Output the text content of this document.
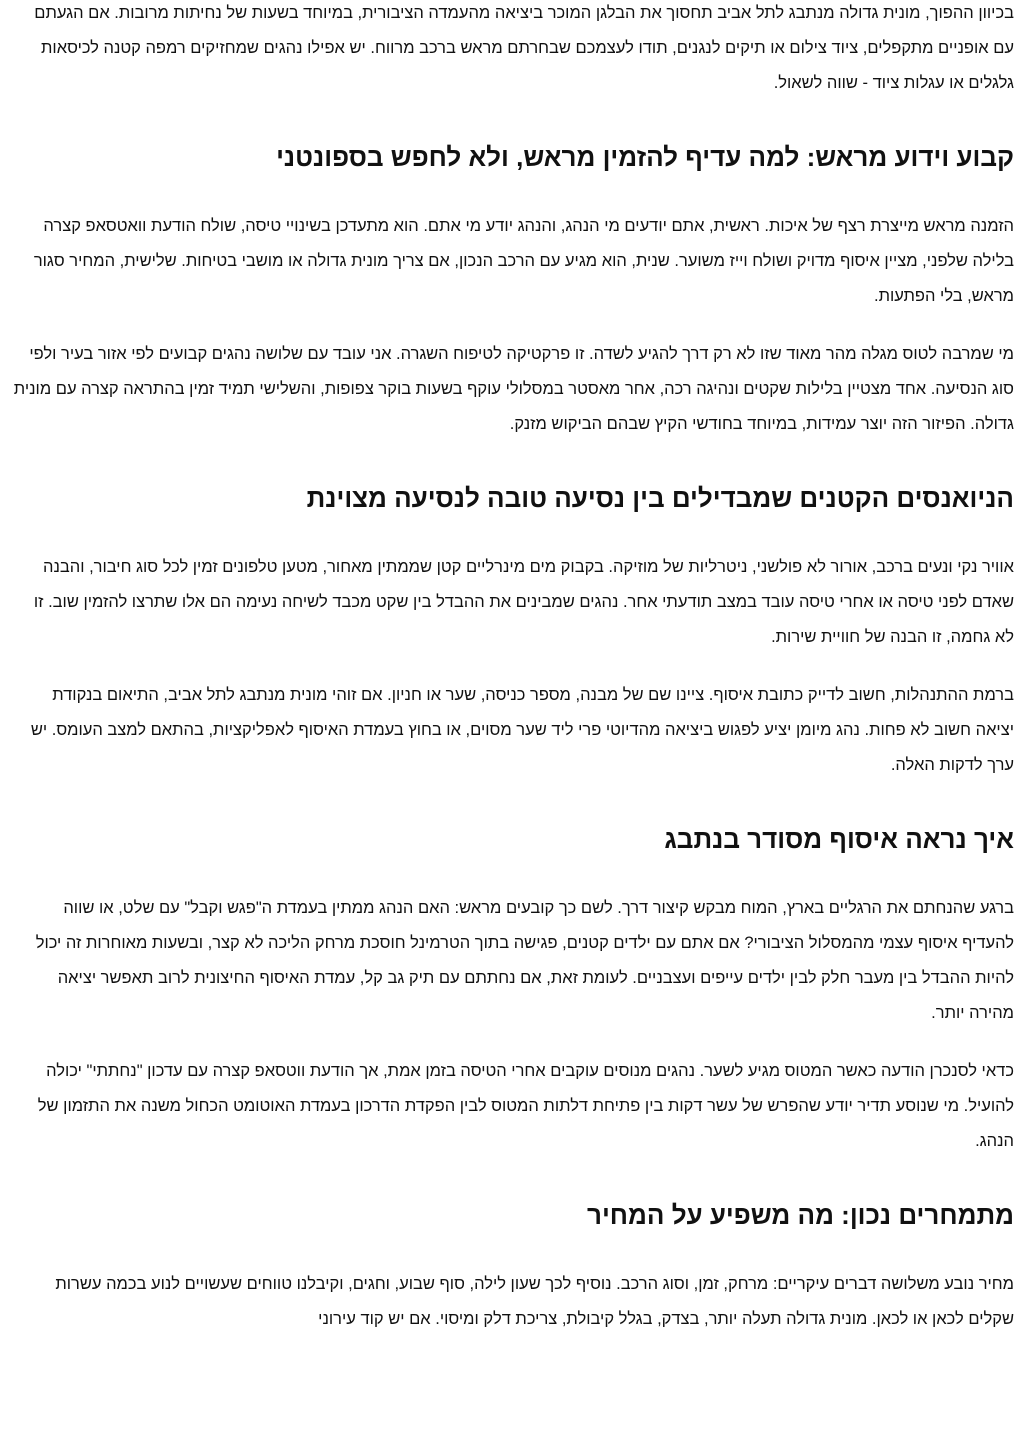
בכיוון ההפוך, מונית גדולה מנתבג לתל אביב תחסוך את הבלגן המוכר ביציאה מהעמדה הציבורית, במיוחד בשעות של נחיתות מרובות. אם הגעתם עם אופניים מתקפלים, ציוד צילום או תיקים לנגנים, תודו לעצמכם שבחרתם מראש ברכב מרווח. יש אפילו נהגים שמחזיקים רמפה קטנה לכיסאות גלגלים או עגלות ציוד - שווה לשאול.

קבוע וידוע מראש: למה עדיף להזמין מראש, ולא לחפש בספונטני

הזמנה מראש מייצרת רצף של איכות. ראשית, אתם יודעים מי הנהג, והנהג יודע מי אתם. הוא מתעדכן בשינויי טיסה, שולח הודעת וואטסאפ קצרה בלילה שלפני, מציין איסוף מדויק ושולח וייז משוער. שנית, הוא מגיע עם הרכב הנכון, אם צריך מונית גדולה או מושבי בטיחות. שלישית, המחיר סגור מראש, בלי הפתעות.

מי שמרבה לטוס מגלה מהר מאוד שזו לא רק דרך להגיע לשדה. זו פרקטיקה לטיפוח השגרה. אני עובד עם שלושה נהגים קבועים לפי אזור בעיר ולפי סוג הנסיעה. אחד מצטיין בלילות שקטים ונהיגה רכה, אחר מאסטר במסלולי עוקף בשעות בוקר צפופות, והשלישי תמיד זמין בהתראה קצרה עם מונית גדולה. הפיזור הזה יוצר עמידות, במיוחד בחודשי הקיץ שבהם הביקוש מזנק.

הניואנסים הקטנים שמבדילים בין נסיעה טובה לנסיעה מצוינת

אוויר נקי ונעים ברכב, אורור לא פולשני, ניטרליות של מוזיקה. בקבוק מים מינרליים קטן שממתין מאחור, מטען טלפונים זמין לכל סוג חיבור, והבנה שאדם לפני טיסה או אחרי טיסה עובד במצב תודעתי אחר. נהגים שמבינים את ההבדל בין שקט מכבד לשיחה נעימה הם אלו שתרצו להזמין שוב. זו לא גחמה, זו הבנה של חוויית שירות.

ברמת ההתנהלות, חשוב לדייק כתובת איסוף. ציינו שם של מבנה, מספר כניסה, שער או חניון. אם זוהי מונית מנתבג לתל אביב, התיאום בנקודת יציאה חשוב לא פחות. נהג מיומן יציע לפגוש ביציאה מהדיוטי פרי ליד שער מסוים, או בחוץ בעמדת האיסוף לאפליקציות, בהתאם למצב העומס. יש ערך לדקות האלה.

איך נראה איסוף מסודר בנתבג

ברגע שהנחתם את הרגליים בארץ, המוח מבקש קיצור דרך. לשם כך קובעים מראש: האם הנהג ממתין בעמדת ה"פגש וקבל" עם שלט, או שווה להעדיף איסוף עצמי מהמסלול הציבורי? אם אתם עם ילדים קטנים, פגישה בתוך הטרמינל חוסכת מרחק הליכה לא קצר, ובשעות מאוחרות זה יכול להיות ההבדל בין מעבר חלק לבין ילדים עייפים ועצבניים. לעומת זאת, אם נחתתם עם תיק גב קל, עמדת האיסוף החיצונית לרוב תאפשר יציאה מהירה יותר.

כדאי לסנכרן הודעה כאשר המטוס מגיע לשער. נהגים מנוסים עוקבים אחרי הטיסה בזמן אמת, אך הודעת ווטסאפ קצרה עם עדכון "נחתתי" יכולה להועיל. מי שנוסע תדיר יודע שהפרש של עשר דקות בין פתיחת דלתות המטוס לבין הפקדת הדרכון בעמדת האוטומט הכחול משנה את התזמון של הנהג.

מתמחרים נכון: מה משפיע על המחיר

מחיר נובע משלושה דברים עיקריים: מרחק, זמן, וסוג הרכב. נוסיף לכך שעון לילה, סוף שבוע, וחגים, וקיבלנו טווחים שעשויים לנוע בכמה עשרות שקלים לכאן או לכאן. מונית גדולה תעלה יותר, בצדק, בגלל קיבולת, צריכת דלק ומיסוי. אם יש קוד עירוני
